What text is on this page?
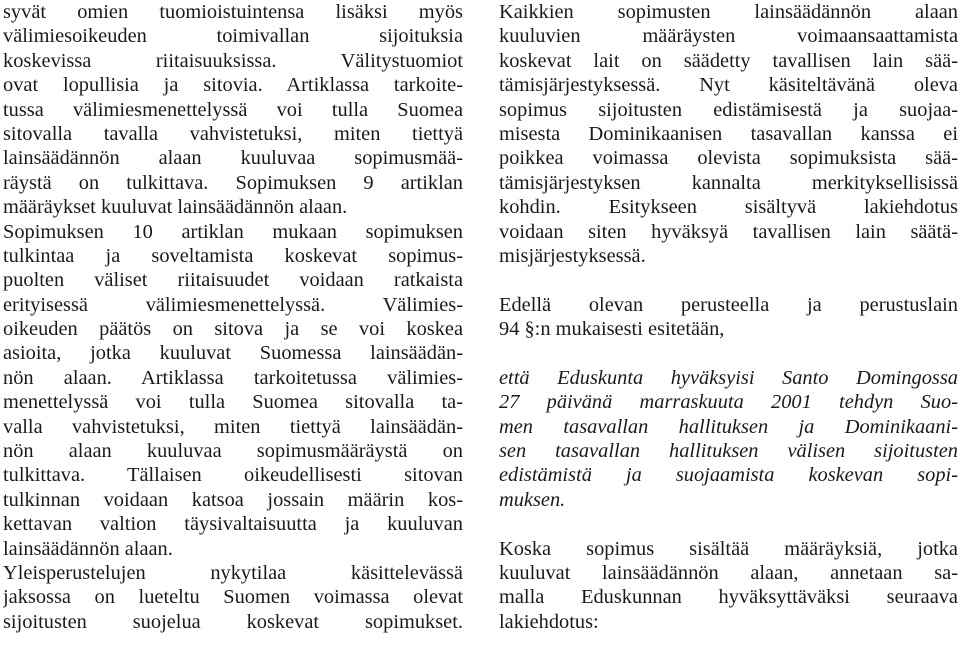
syvät omien tuomioistuintensa lisäksi myös
välimiesoikeuden toimivallan sijoituksia
koskevissa riitaisuuksissa. Välitystuomiot
ovat lopullisia ja sitovia. Artiklassa tarkoite-
tussa välimiesmenettelyssä voi tulla Suomea
sitovalla tavalla vahvistetuksi, miten tiettyä
lainsäädännön alaan kuuluvaa sopimusmää-
räystä on tulkittava. Sopimuksen 9 artiklan
määräykset kuuluvat lainsäädännön alaan.
Sopimuksen 10 artiklan mukaan sopimuksen
tulkintaa ja soveltamista koskevat sopimus-
puolten väliset riitaisuudet voidaan ratkaista
erityisessä välimiesmenettelyssä. Välimies-
oikeuden päätös on sitova ja se voi koskea
asioita, jotka kuuluvat Suomessa lainsäädän-
nön alaan. Artiklassa tarkoitetussa välimies-
menettelyssä voi tulla Suomea sitovalla ta-
valla vahvistetuksi, miten tiettyä lainsäädän-
nön alaan kuuluvaa sopimusmääräystä on
tulkittava. Tällaisen oikeudellisesti sitovan
tulkinnan voidaan katsoa jossain määrin kos-
kettavan valtion täysivaltaisuutta ja kuuluvan
lainsäädännön alaan.
Yleisperustelujen nykytilaa käsittelevässä
jaksossa on lueteltu Suomen voimassa olevat
sijoitusten suojelua koskevat sopimukset.
Kaikkien sopimusten lainsäädännön alaan
kuuluvien määräysten voimaansaattamista
koskevat lait on säädetty tavallisen lain sää-
tämisjärjestyksessä. Nyt käsiteltävänä oleva
sopimus sijoitusten edistämisestä ja suojaa-
misesta Dominikaanisen tasavallan kanssa ei
poikkea voimassa olevista sopimuksista sää-
tämisjärjestyksen kannalta merkityksellisissä
kohdin. Esitykseen sisältyvä lakiehdotus
voidaan siten hyväksyä tavallisen lain säätä-
misjärjestyksessä.
Edellä olevan perusteella ja perustuslain
94 §:n mukaisesti esitetään,
että Eduskunta hyväksyisi Santo Domingossa
27 päivänä marraskuuta 2001 tehdyn Suo-
men tasavallan hallituksen ja Dominikaani-
sen tasavallan hallituksen välisen sijoitusten
edistämistä ja suojaamista koskevan sopi-
muksen.
Koska sopimus sisältää määräyksiä, jotka
kuuluvat lainsäädännön alaan, annetaan sa-
malla Eduskunnan hyväksyttäväksi seuraava
lakiehdotus:
